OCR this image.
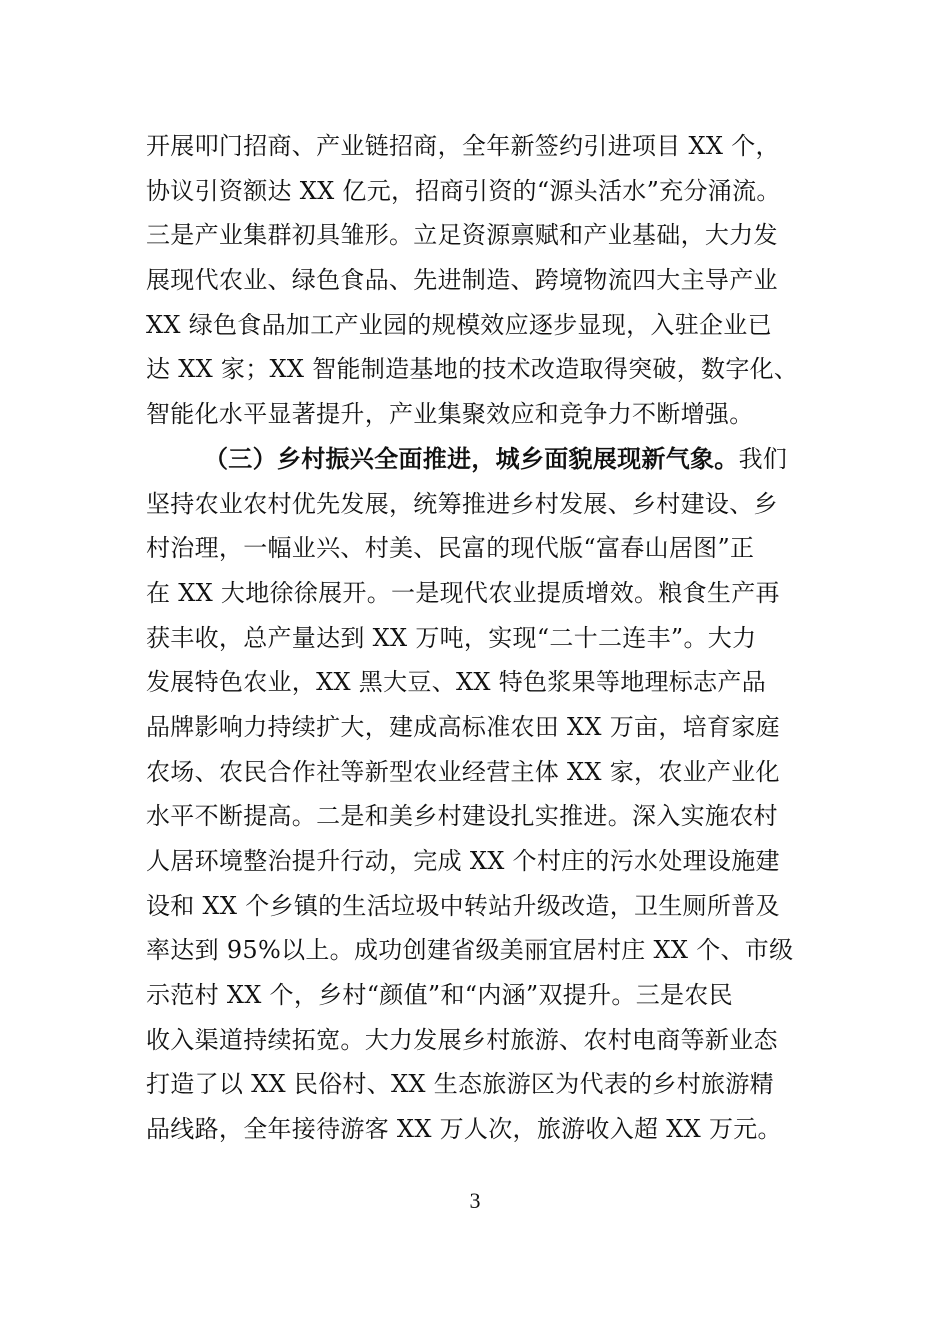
开展叩门招商、产业链招商，全年新签约引进项目 XX 个，
协议引资额达 XX 亿元，招商引资的“源头活水”充分涌流。
三是产业集群初具雏形。立足资源禀赋和产业基础，大力发
展现代农业、绿色食品、先进制造、跨境物流四大主导产业
XX 绿色食品加工产业园的规模效应逐步显现，入驻企业已
达 XX 家；XX 智能制造基地的技术改造取得突破，数字化、
智能化水平显著提升，产业集聚效应和竞争力不断增强。
（三）乡村振兴全面推进，城乡面貌展现新气象。我们
坚持农业农村优先发展，统筹推进乡村发展、乡村建设、乡
村治理，一幅业兴、村美、民富的现代版“富春山居图”正
在 XX 大地徐徐展开。一是现代农业提质增效。粮食生产再
获丰收，总产量达到 XX 万吨，实现“二十二连丰”。大力
发展特色农业，XX 黑大豆、XX 特色浆果等地理标志产品
品牌影响力持续扩大，建成高标准农田 XX 万亩，培育家庭
农场、农民合作社等新型农业经营主体 XX 家，农业产业化
水平不断提高。二是和美乡村建设扎实推进。深入实施农村
人居环境整治提升行动，完成 XX 个村庄的污水处理设施建
设和 XX 个乡镇的生活垃圾中转站升级改造，卫生厕所普及
率达到 95%以上。成功创建省级美丽宜居村庄 XX 个、市级
示范村 XX 个，乡村“颜值”和“内涵”双提升。三是农民
收入渠道持续拓宽。大力发展乡村旅游、农村电商等新业态
打造了以 XX 民俗村、XX 生态旅游区为代表的乡村旅游精
品线路，全年接待游客 XX 万人次，旅游收入超 XX 万元。
3
